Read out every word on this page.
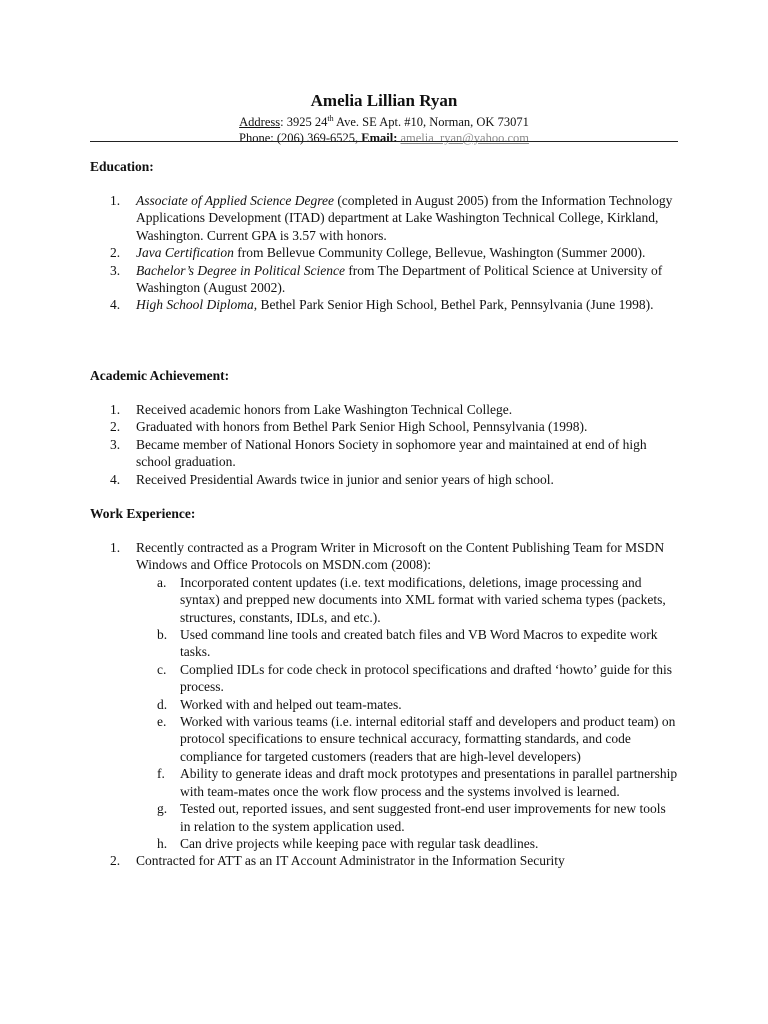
Amelia Lillian Ryan
Address: 3925 24th Ave. SE Apt. #10, Norman, OK 73071
Phone: (206) 369-6525, Email: amelia_ryan@yahoo.com
Education:
1. Associate of Applied Science Degree (completed in August 2005) from the Information Technology Applications Development (ITAD) department at Lake Washington Technical College, Kirkland, Washington. Current GPA is 3.57 with honors.
2. Java Certification from Bellevue Community College, Bellevue, Washington (Summer 2000).
3. Bachelor’s Degree in Political Science from The Department of Political Science at University of Washington (August 2002).
4. High School Diploma, Bethel Park Senior High School, Bethel Park, Pennsylvania (June 1998).
Academic Achievement:
1. Received academic honors from Lake Washington Technical College.
2. Graduated with honors from Bethel Park Senior High School, Pennsylvania (1998).
3. Became member of National Honors Society in sophomore year and maintained at end of high school graduation.
4. Received Presidential Awards twice in junior and senior years of high school.
Work Experience:
1. Recently contracted as a Program Writer in Microsoft on the Content Publishing Team for MSDN Windows and Office Protocols on MSDN.com (2008):
a. Incorporated content updates (i.e. text modifications, deletions, image processing and syntax) and prepped new documents into XML format with varied schema types (packets, structures, constants, IDLs, and etc.).
b. Used command line tools and created batch files and VB Word Macros to expedite work tasks.
c. Complied IDLs for code check in protocol specifications and drafted ‘howto’ guide for this process.
d. Worked with and helped out team-mates.
e. Worked with various teams (i.e. internal editorial staff and developers and product team) on protocol specifications to ensure technical accuracy, formatting standards, and code compliance for targeted customers (readers that are high-level developers)
f. Ability to generate ideas and draft mock prototypes and presentations in parallel partnership with team-mates once the work flow process and the systems involved is learned.
g. Tested out, reported issues, and sent suggested front-end user improvements for new tools in relation to the system application used.
h. Can drive projects while keeping pace with regular task deadlines.
2. Contracted for ATT as an IT Account Administrator in the Information Security
